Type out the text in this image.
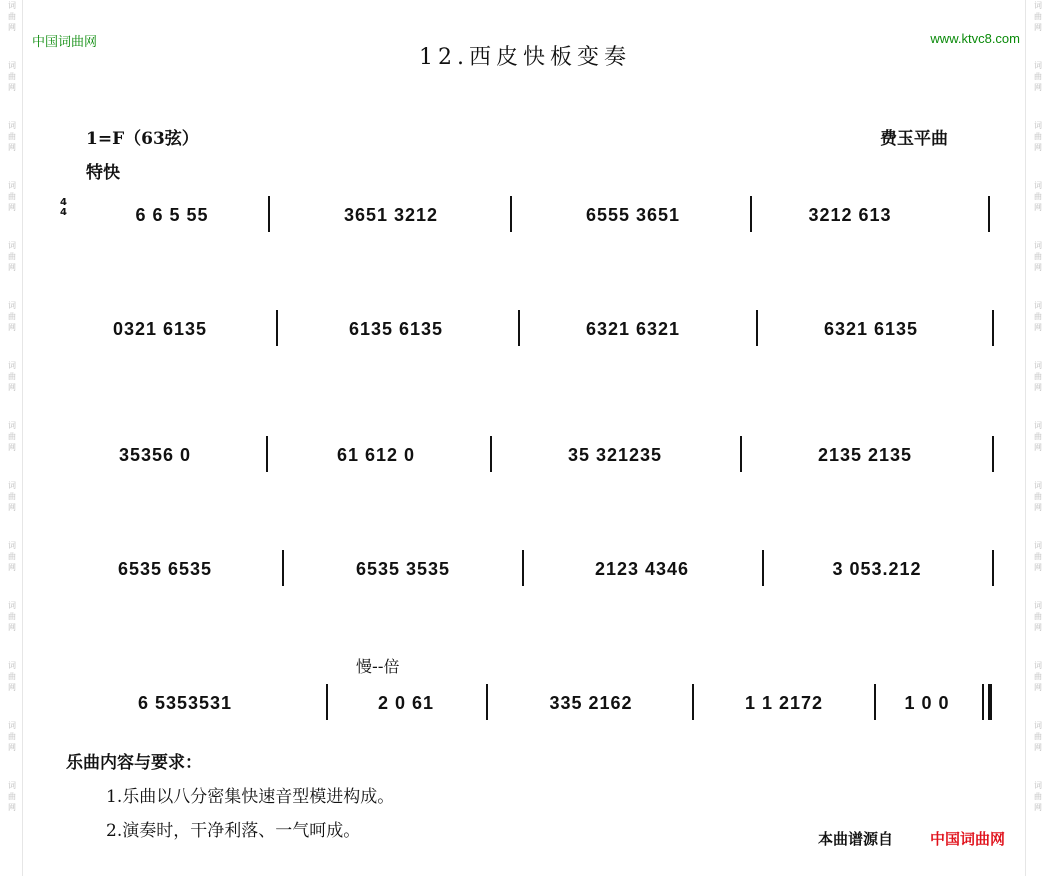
词
曲
网
词
曲
网
词
曲
网
词
曲
网
词
曲
网
词
曲
网
词
曲
网
词
曲
网
词
曲
网
词
曲
网
词
曲
网
词
曲
网
词
曲
网
词
曲
网
词
曲
网
词
曲
网
词
曲
网
词
曲
网
词
曲
网
词
曲
网
词
曲
网
词
曲
网
词
曲
网
词
曲
网
词
曲
网
词
曲
网
词
曲
网
词
曲
网
中国词曲网	www.ktvc8.com
12.西皮快板变奏
1=F（63弦）	费玉平曲
特快
慢--倍
4
4	6 6 5 55	3651 3212	6555 3651	3212 613
0321 6135	6135 6135	6321 6321	6321 6135
35356 0	61 612 0	35 321235	2135 2135
6535 6535	6535 3535	2123 4346	3 053.212
6 5353531	2 0 61	335 2162	1 1 2172	1 0 0
乐曲内容与要求：
1.乐曲以八分密集快速音型模进构成。
2.演奏时，干净利落、一气呵成。	本曲谱源自 中国词曲网
